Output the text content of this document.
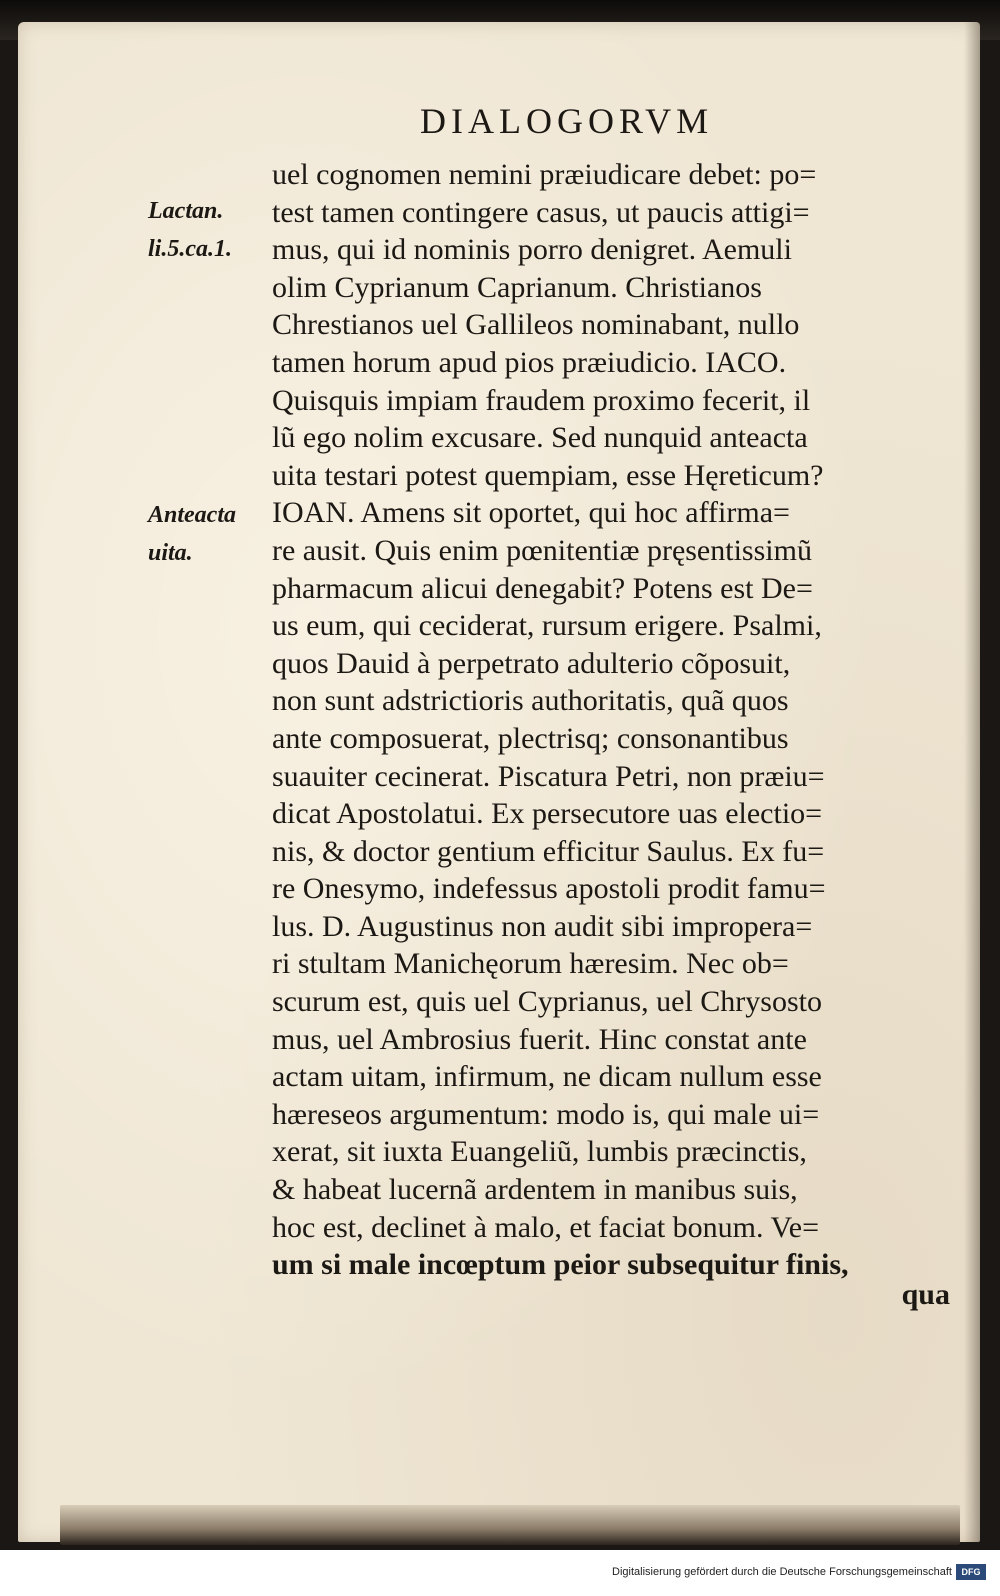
DIALOGORVM
Lactan.
li.5.ca.1.
Anteacta
uita.
uel cognomen nemini præiudicare debet: po=
test tamen contingere casus, ut paucis attigi=
mus, qui id nominis porro denigret. Aemuli
olim Cyprianum Caprianum. Christianos
Chrestianos uel Gallileos nominabant, nullo
tamen horum apud pios præiudicio. IACO.
Quisquis impiam fraudem proximo fecerit, il
lũ ego nolim excusare. Sed nunquid anteacta
uita testari potest quempiam, esse Hęreticum?
IOAN. Amens sit oportet, qui hoc affirma=
re ausit. Quis enim pœnitentiæ pręsentissimũ
pharmacum alicui denegabit? Potens est De=
us eum, qui ceciderat, rursum erigere. Psalmi,
quos Dauid à perpetrato adulterio cõposuit,
non sunt adstrictioris authoritatis, quã quos
ante composuerat, plectrisq; consonantibus
suauiter cecinerat. Piscatura Petri, non præiu=
dicat Apostolatui. Ex persecutore uas electio=
nis, & doctor gentium efficitur Saulus. Ex fu=
re Onesymo, indefessus apostoli prodit famu=
lus. D. Augustinus non audit sibi impropera=
ri stultam Manichęorum hæresim. Nec ob=
scurum est, quis uel Cyprianus, uel Chrysosto
mus, uel Ambrosius fuerit. Hinc constat ante
actam uitam, infirmum, ne dicam nullum esse
hæreseos argumentum: modo is, qui male ui=
xerat, sit iuxta Euangeliũ, lumbis præcinctis,
& habeat lucernã ardentem in manibus suis,
hoc est, declinet à malo, et faciat bonum. Ve=
um si male incœptum peior subsequitur finis,
qua
Digitalisierung gefördert durch die Deutsche Forschungsgemeinschaft	DFG
